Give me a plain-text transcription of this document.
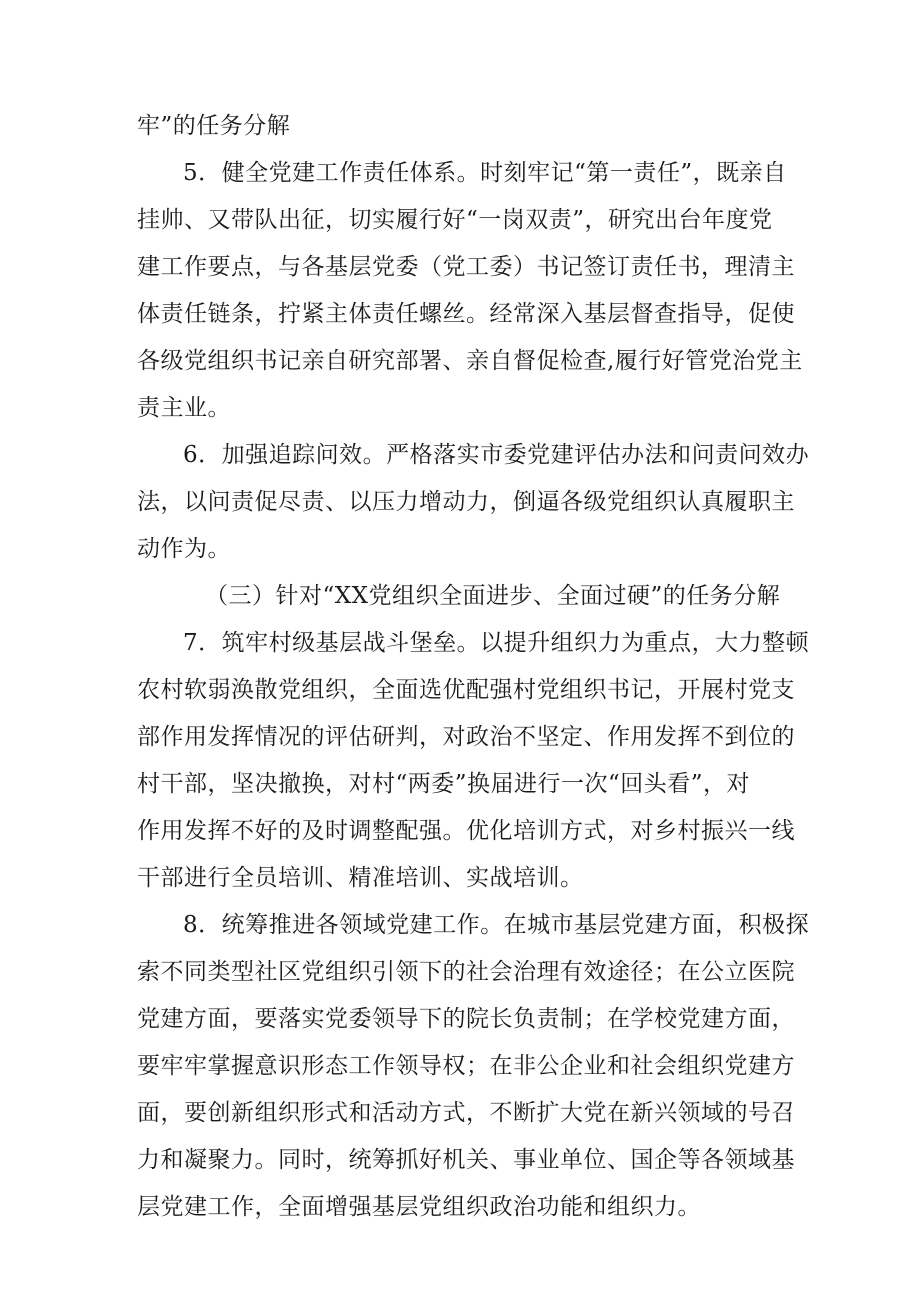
牢”的任务分解
5．健全党建工作责任体系。时刻牢记“第一责任”，既亲自
挂帅、又带队出征，切实履行好“一岗双责”，研究出台年度党
建工作要点，与各基层党委（党工委）书记签订责任书，理清主
体责任链条，拧紧主体责任螺丝。经常深入基层督查指导，促使
各级党组织书记亲自研究部署、亲自督促检查,履行好管党治党主
责主业。
6．加强追踪问效。严格落实市委党建评估办法和问责问效办
法，以问责促尽责、以压力增动力，倒逼各级党组织认真履职主
动作为。
（三）针对“XX党组织全面进步、全面过硬”的任务分解
7．筑牢村级基层战斗堡垒。以提升组织力为重点，大力整顿
农村软弱涣散党组织，全面选优配强村党组织书记，开展村党支
部作用发挥情况的评估研判，对政治不坚定、作用发挥不到位的
村干部，坚决撤换，对村“两委”换届进行一次“回头看”，对
作用发挥不好的及时调整配强。优化培训方式，对乡村振兴一线
干部进行全员培训、精准培训、实战培训。
8．统筹推进各领域党建工作。在城市基层党建方面，积极探
索不同类型社区党组织引领下的社会治理有效途径；在公立医院
党建方面，要落实党委领导下的院长负责制；在学校党建方面，
要牢牢掌握意识形态工作领导权；在非公企业和社会组织党建方
面，要创新组织形式和活动方式，不断扩大党在新兴领域的号召
力和凝聚力。同时，统筹抓好机关、事业单位、国企等各领域基
层党建工作，全面增强基层党组织政治功能和组织力。
